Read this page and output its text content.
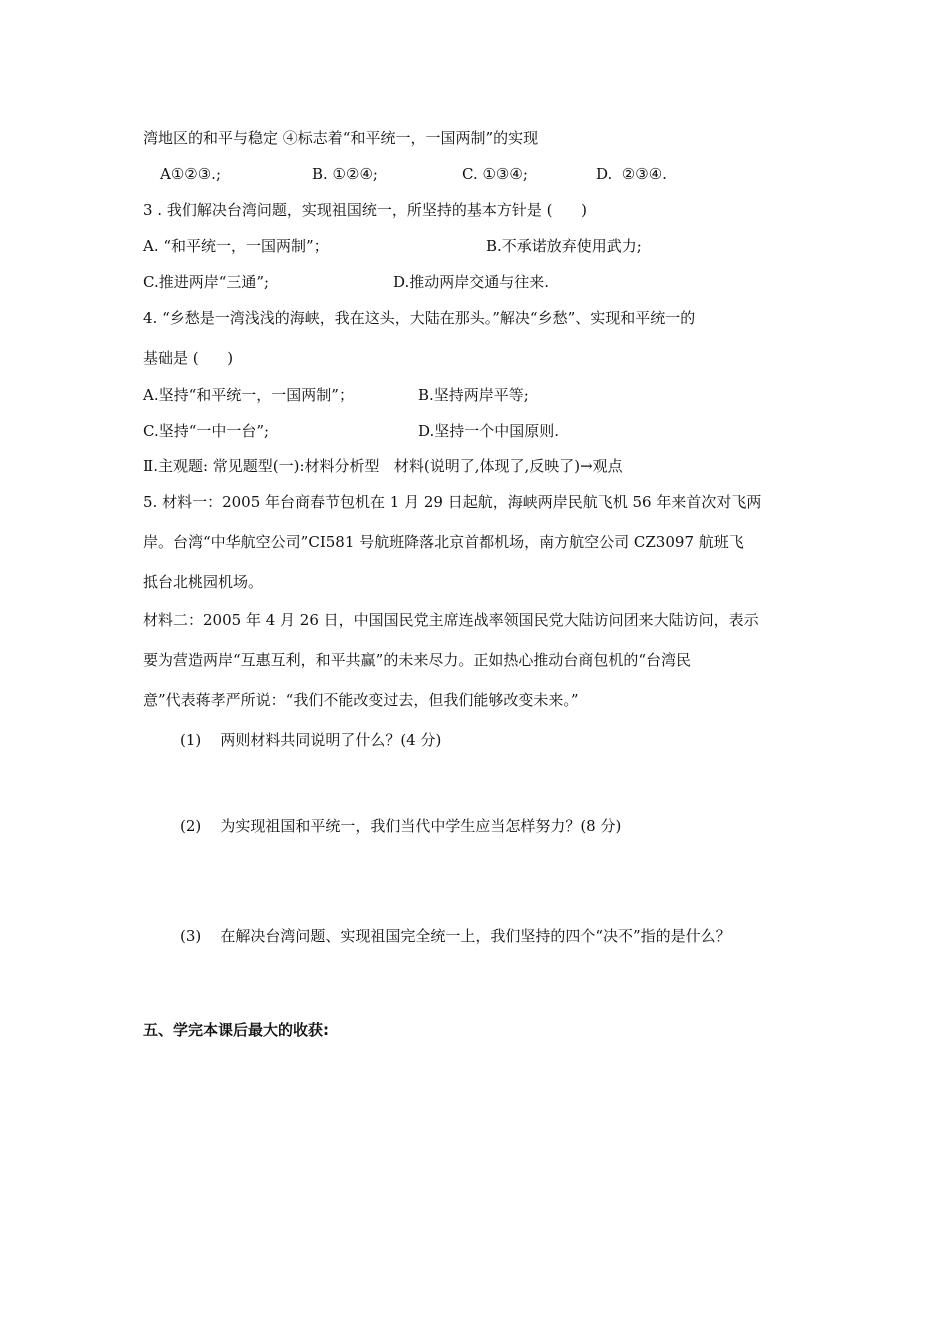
湾地区的和平与稳定 ④标志着“和平统一，一国两制”的实现
A①②③.;	B. ①②④;	C. ①③④;	D.  ②③④.
3 . 我们解决台湾问题，实现祖国统一，所坚持的基本方针是 (      )
A. “和平统一，一国两制”；	B.不承诺放弃使用武力;
C.推进两岸“三通”;	D.推动两岸交通与往来.
4. “乡愁是一湾浅浅的海峡，我在这头，大陆在那头。”解决“乡愁”、实现和平统一的
基础是 (      )
A.坚持“和平统一，一国两制”；	B.坚持两岸平等;
C.坚持“一中一台”;	D.坚持一个中国原则.
Ⅱ.主观题: 常见题型(一):材料分析型   材料(说明了,体现了,反映了)→观点
5. 材料一：2005 年台商春节包机在 1 月 29 日起航，海峡两岸民航飞机 56 年来首次对飞两
岸。台湾“中华航空公司”CI581 号航班降落北京首都机场，南方航空公司 CZ3097 航班飞
抵台北桃园机场。
材料二：2005 年 4 月 26 日，中国国民党主席连战率领国民党大陆访问团来大陆访问，表示
要为营造两岸“互惠互利，和平共赢”的未来尽力。正如热心推动台商包机的“台湾民
意”代表蒋孝严所说：“我们不能改变过去，但我们能够改变未来。”
(1)    两则材料共同说明了什么？(4 分)
(2)    为实现祖国和平统一，我们当代中学生应当怎样努力？(8 分)
(3)    在解决台湾问题、实现祖国完全统一上，我们坚持的四个“决不”指的是什么？
五、学完本课后最大的收获:
